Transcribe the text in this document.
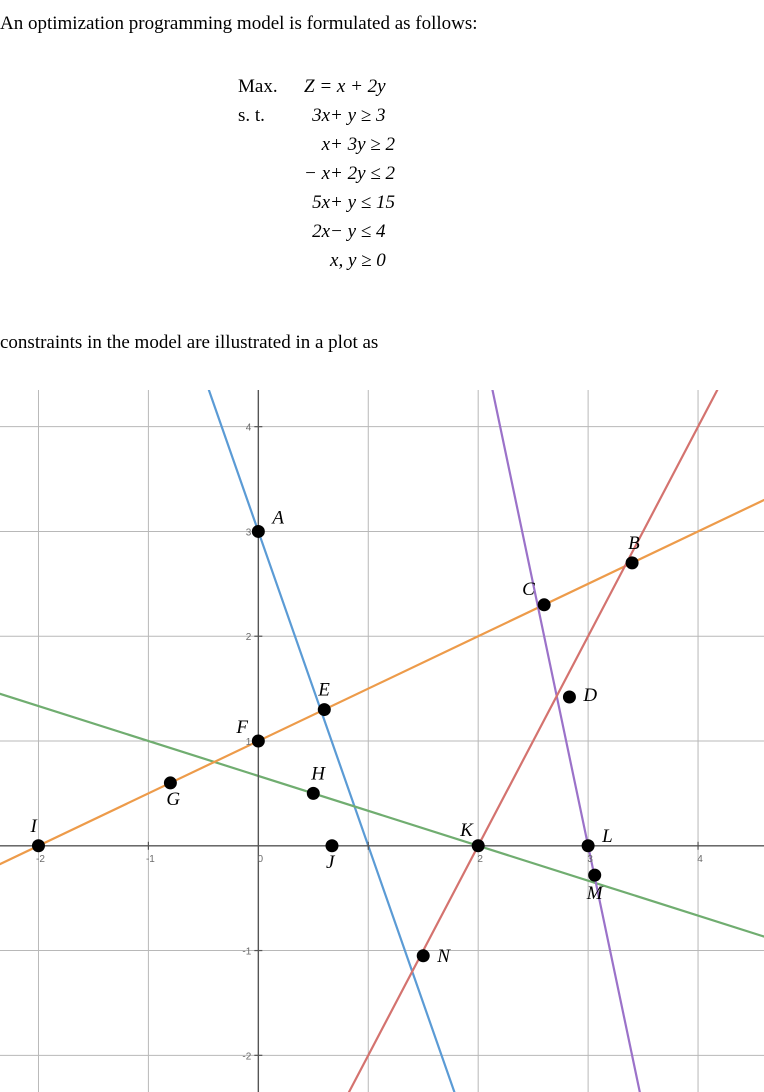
An optimization programming model is formulated as follows:
Max.	Z = x + 2y	
s. t.	3x	+ y ≥ 3
	x	+ 3y ≥ 2
	− x	+ 2y ≤ 2
	5x	+ y ≤ 15
	2x	− y ≤ 4
		x, y ≥ 0
constraints in the model are illustrated in a plot as
-2	-1	0	2	3	4
-2
-1
1
2
3
4
A
B
C
D
E
F
G
H
I
J
K	L
M
N
